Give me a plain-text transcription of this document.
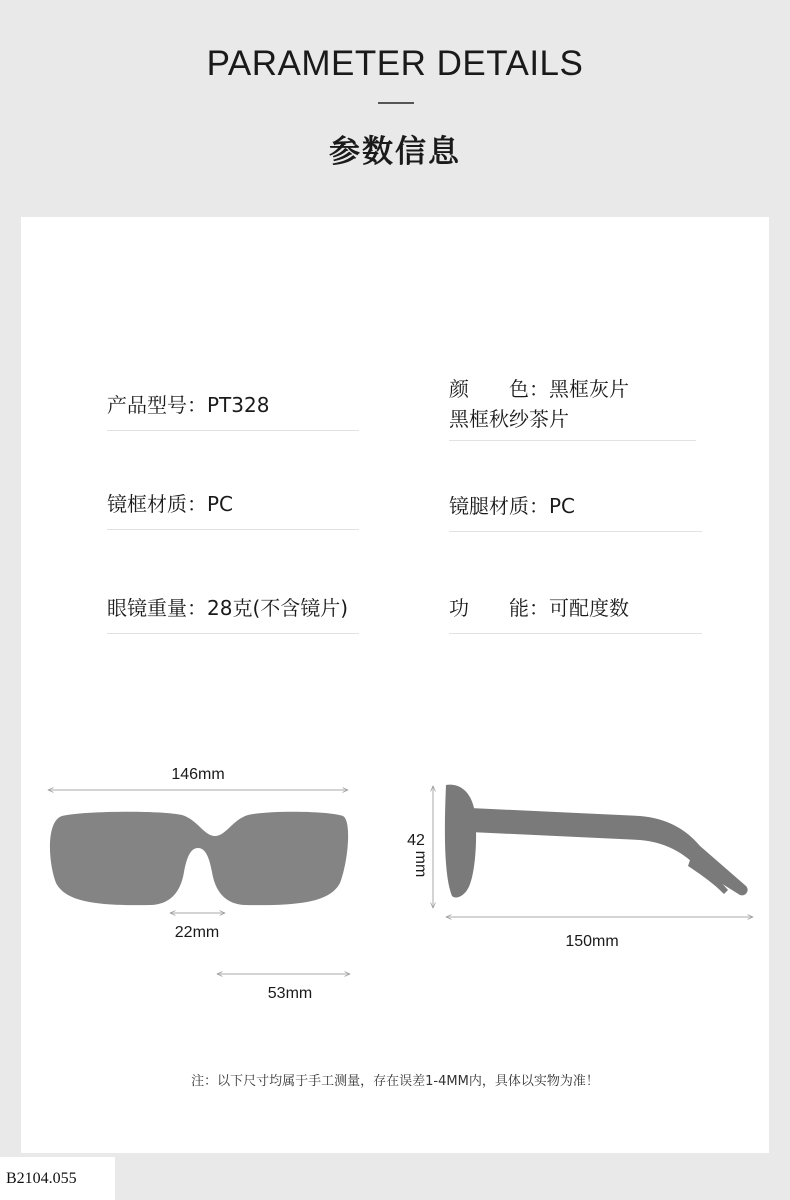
PARAMETER DETAILS
参数信息
产品型号：PT328
镜框材质：PC
眼镜重量：28克(不含镜片)
颜　　色：黑框灰片
黑框秋纱茶片
镜腿材质：PC
功　　能：可配度数
146mm
22mm
53mm
42
mm
150mm
注：以下尺寸均属于手工测量，存在误差1-4MM内，具体以实物为准！
B2104.055
